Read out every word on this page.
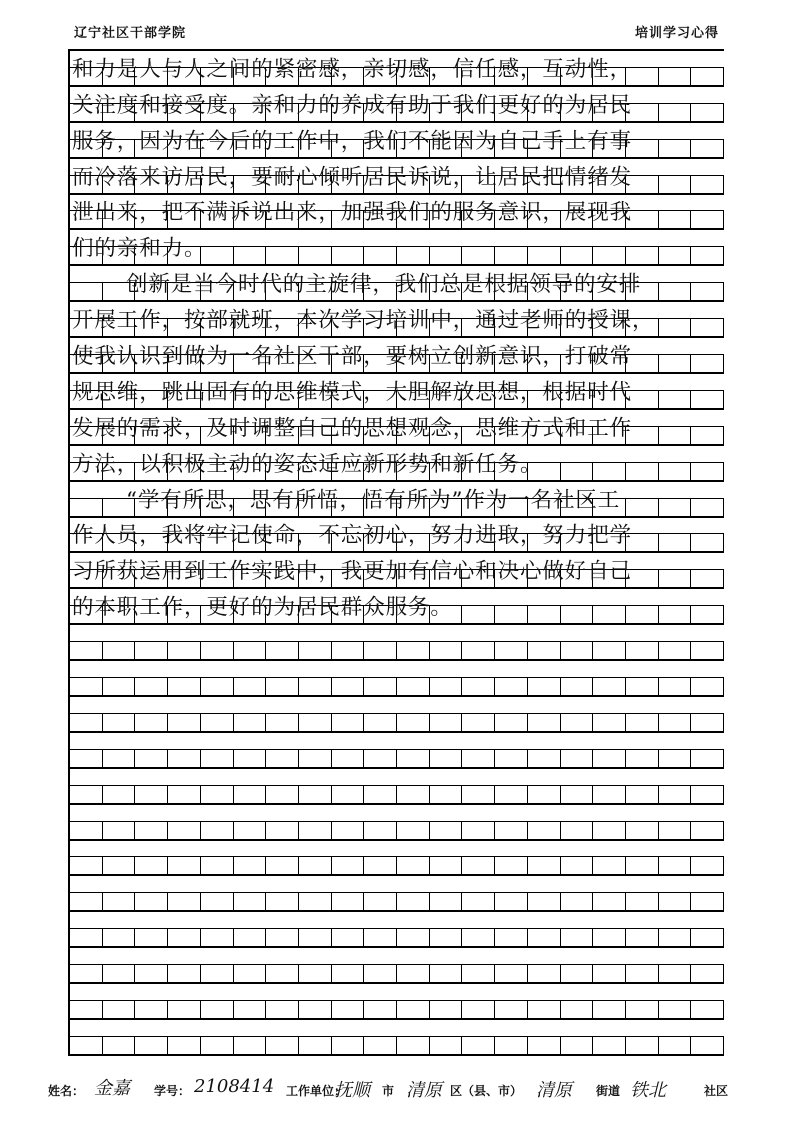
辽宁社区干部学院	培训学习心得
和力是人与人之间的紧密感，亲切感，信任感，互动性，
关注度和接受度。亲和力的养成有助于我们更好的为居民
服务，因为在今后的工作中，我们不能因为自己手上有事
而冷落来访居民，要耐心倾听居民诉说，让居民把情绪发
泄出来，把不满诉说出来，加强我们的服务意识，展现我
们的亲和力。
创新是当今时代的主旋律，我们总是根据领导的安排
开展工作，按部就班，本次学习培训中，通过老师的授课，
使我认识到做为一名社区干部，要树立创新意识，打破常
规思维，跳出固有的思维模式，大胆解放思想，根据时代
发展的需求，及时调整自己的思想观念，思维方式和工作
方法，以积极主动的姿态适应新形势和新任务。
“学有所思，思有所悟，悟有所为”作为一名社区工
作人员，我将牢记使命，不忘初心，努力进取，努力把学
习所获运用到工作实践中，我更加有信心和决心做好自己
的本职工作，更好的为居民群众服务。
姓名： 金嘉 学号： 2108414 工作单位：
抚顺 市 清原 区（县、市） 清原 街道 铁北	社区
